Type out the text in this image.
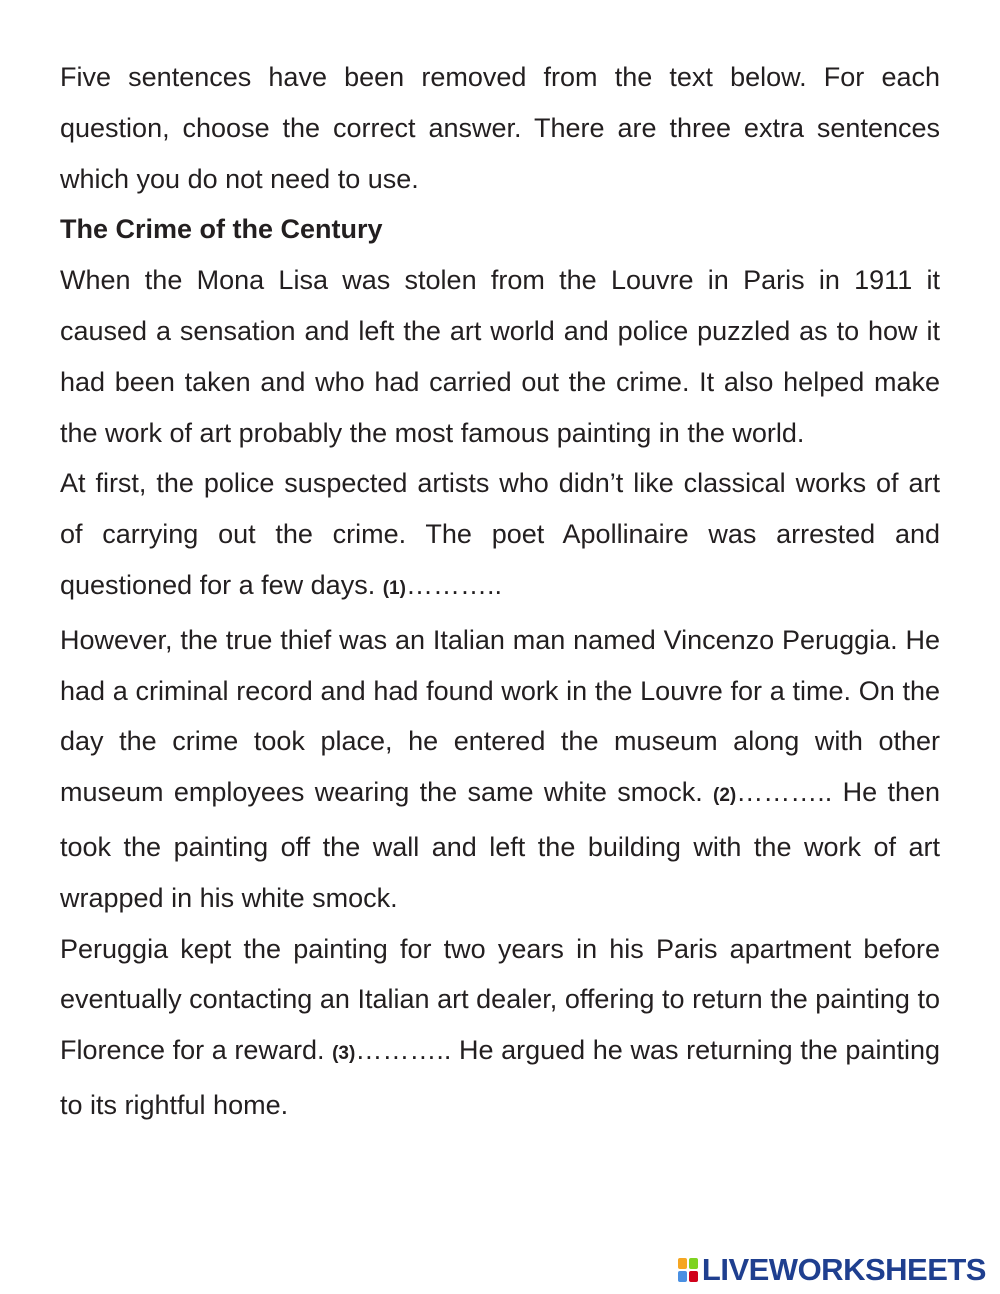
Five sentences have been removed from the text below. For each question, choose the correct answer. There are three extra sentences which you do not need to use.

The Crime of the Century

When the Mona Lisa was stolen from the Louvre in Paris in 1911 it caused a sensation and left the art world and police puzzled as to how it had been taken and who had carried out the crime. It also helped make the work of art probably the most famous painting in the world.

At first, the police suspected artists who didn’t like classical works of art of carrying out the crime. The poet Apollinaire was arrested and questioned for a few days. (1)………..

However, the true thief was an Italian man named Vincenzo Peruggia. He had a criminal record and had found work in the Louvre for a time. On the day the crime took place, he entered the museum along with other museum employees wearing the same white smock. (2)……….. He then took the painting off the wall and left the building with the work of art wrapped in his white smock.

Peruggia kept the painting for two years in his Paris apartment before eventually contacting an Italian art dealer, offering to return the painting to Florence for a reward. (3)……….. He argued he was returning the painting to its rightful home.

LIVEWORKSHEETS
